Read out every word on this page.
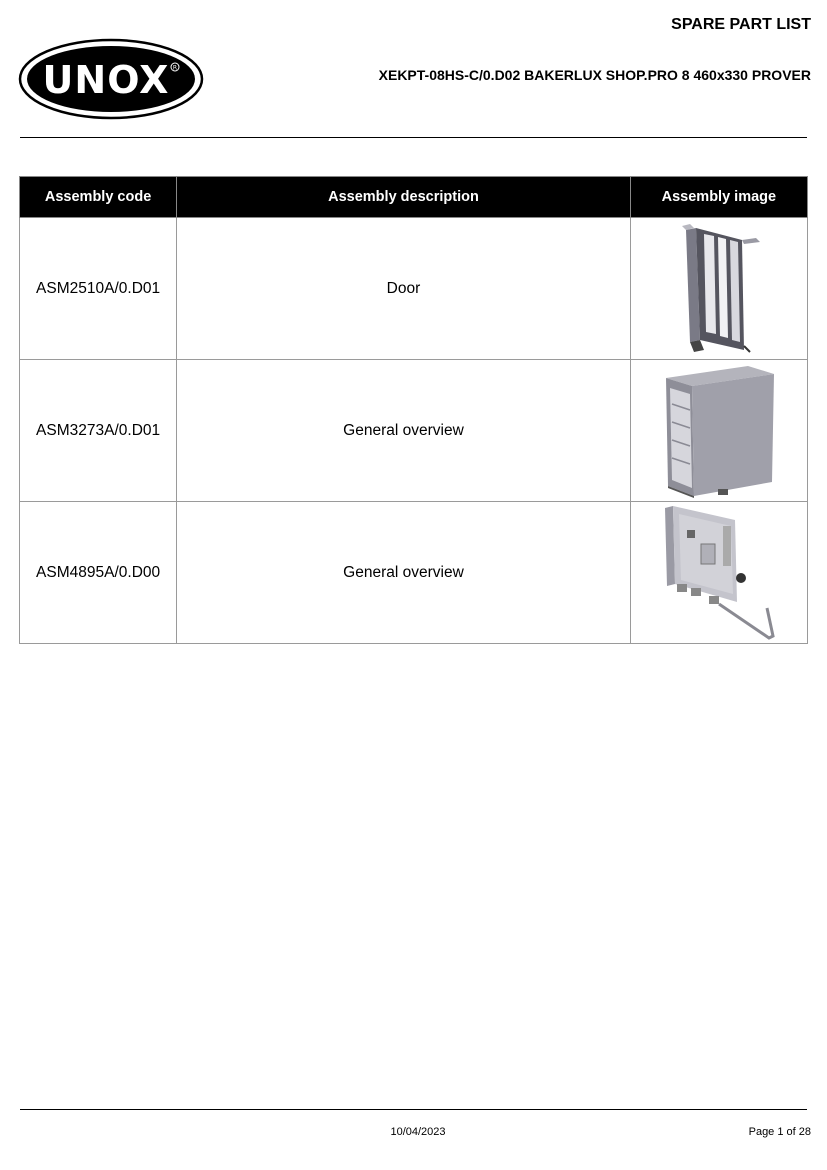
UNOX R
SPARE PART LIST
XEKPT-08HS-C/0.D02 BAKERLUX SHOP.PRO 8 460x330 PROVER
Assembly code	Assembly description	Assembly image
ASM2510A/0.D01	Door	

ASM3273A/0.D01	General overview	

ASM4895A/0.D00	General overview	
10/04/2023	Page 1 of 28
